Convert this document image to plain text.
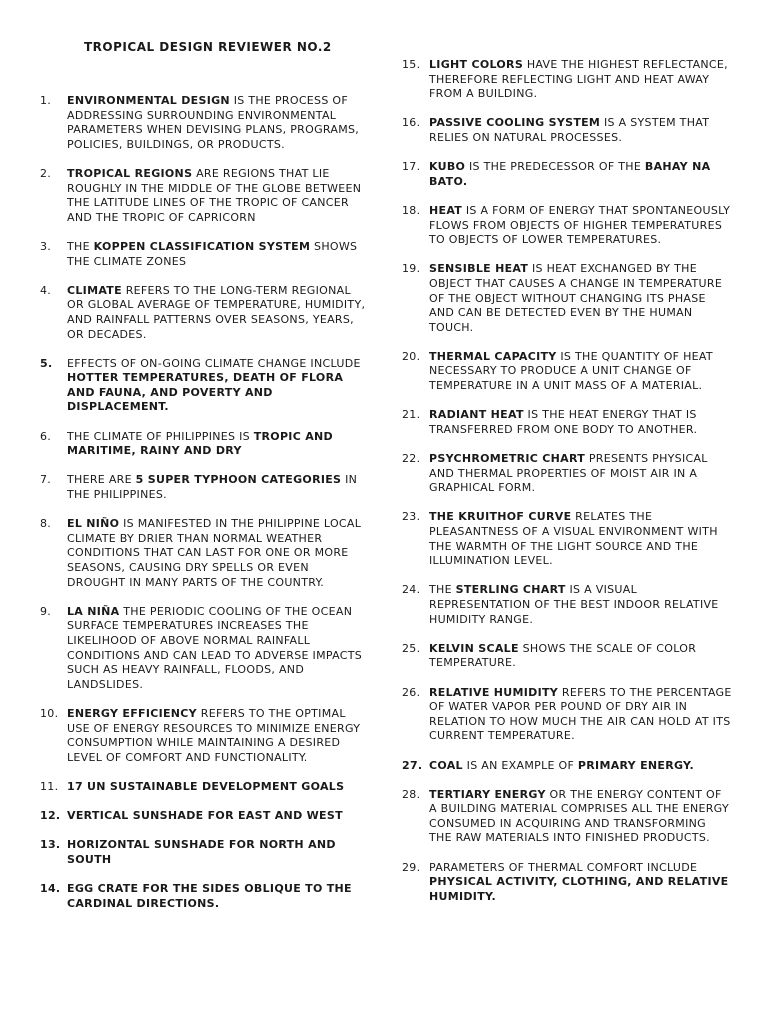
TROPICAL DESIGN REVIEWER NO.2
1.	ENVIRONMENTAL DESIGN IS THE PROCESS OF ADDRESSING SURROUNDING ENVIRONMENTAL PARAMETERS WHEN DEVISING PLANS, PROGRAMS, POLICIES, BUILDINGS, OR PRODUCTS.
2.	TROPICAL REGIONS ARE REGIONS THAT LIE ROUGHLY IN THE MIDDLE OF THE GLOBE BETWEEN THE LATITUDE LINES OF THE TROPIC OF CANCER AND THE TROPIC OF CAPRICORN
3.	THE KOPPEN CLASSIFICATION SYSTEM SHOWS THE CLIMATE ZONES
4.	CLIMATE REFERS TO THE LONG-TERM REGIONAL OR GLOBAL AVERAGE OF TEMPERATURE, HUMIDITY, AND RAINFALL PATTERNS OVER SEASONS, YEARS, OR DECADES.
5.	EFFECTS OF ON-GOING CLIMATE CHANGE INCLUDE HOTTER TEMPERATURES, DEATH OF FLORA AND FAUNA, AND POVERTY AND DISPLACEMENT.
6.	THE CLIMATE OF PHILIPPINES IS TROPIC AND MARITIME, RAINY AND DRY
7.	THERE ARE 5 SUPER TYPHOON CATEGORIES IN THE PHILIPPINES.
8.	EL NIÑO IS MANIFESTED IN THE PHILIPPINE LOCAL CLIMATE BY DRIER THAN NORMAL WEATHER CONDITIONS THAT CAN LAST FOR ONE OR MORE SEASONS, CAUSING DRY SPELLS OR EVEN DROUGHT IN MANY PARTS OF THE COUNTRY.
9.	LA NIÑA THE PERIODIC COOLING OF THE OCEAN SURFACE TEMPERATURES INCREASES THE LIKELIHOOD OF ABOVE NORMAL RAINFALL CONDITIONS AND CAN LEAD TO ADVERSE IMPACTS SUCH AS HEAVY RAINFALL, FLOODS, AND LANDSLIDES.
10. ENERGY EFFICIENCY REFERS TO THE OPTIMAL USE OF ENERGY RESOURCES TO MINIMIZE ENERGY CONSUMPTION WHILE MAINTAINING A DESIRED LEVEL OF COMFORT AND FUNCTIONALITY.
11. 17 UN SUSTAINABLE DEVELOPMENT GOALS
12. VERTICAL SUNSHADE FOR EAST AND WEST
13. HORIZONTAL SUNSHADE FOR NORTH AND SOUTH
14. EGG CRATE FOR THE SIDES OBLIQUE TO THE CARDINAL DIRECTIONS.
15. LIGHT COLORS HAVE THE HIGHEST REFLECTANCE, THEREFORE REFLECTING LIGHT AND HEAT AWAY FROM A BUILDING.
16. PASSIVE COOLING SYSTEM IS A SYSTEM THAT RELIES ON NATURAL PROCESSES.
17. KUBO IS THE PREDECESSOR OF THE BAHAY NA BATO.
18. HEAT IS A FORM OF ENERGY THAT SPONTANEOUSLY FLOWS FROM OBJECTS OF HIGHER TEMPERATURES TO OBJECTS OF LOWER TEMPERATURES.
19. SENSIBLE HEAT IS HEAT EXCHANGED BY THE OBJECT THAT CAUSES A CHANGE IN TEMPERATURE OF THE OBJECT WITHOUT CHANGING ITS PHASE AND CAN BE DETECTED EVEN BY THE HUMAN TOUCH.
20. THERMAL CAPACITY IS THE QUANTITY OF HEAT NECESSARY TO PRODUCE A UNIT CHANGE OF TEMPERATURE IN A UNIT MASS OF A MATERIAL.
21. RADIANT HEAT IS THE HEAT ENERGY THAT IS TRANSFERRED FROM ONE BODY TO ANOTHER.
22. PSYCHROMETRIC CHART PRESENTS PHYSICAL AND THERMAL PROPERTIES OF MOIST AIR IN A GRAPHICAL FORM.
23. THE KRUITHOF CURVE RELATES THE PLEASANTNESS OF A VISUAL ENVIRONMENT WITH THE WARMTH OF THE LIGHT SOURCE AND THE ILLUMINATION LEVEL.
24. THE STERLING CHART IS A VISUAL REPRESENTATION OF THE BEST INDOOR RELATIVE HUMIDITY RANGE.
25. KELVIN SCALE SHOWS THE SCALE OF COLOR TEMPERATURE.
26. RELATIVE HUMIDITY REFERS TO THE PERCENTAGE OF WATER VAPOR PER POUND OF DRY AIR IN RELATION TO HOW MUCH THE AIR CAN HOLD AT ITS CURRENT TEMPERATURE.
27. COAL IS AN EXAMPLE OF PRIMARY ENERGY.
28. TERTIARY ENERGY OR THE ENERGY CONTENT OF A BUILDING MATERIAL COMPRISES ALL THE ENERGY CONSUMED IN ACQUIRING AND TRANSFORMING THE RAW MATERIALS INTO FINISHED PRODUCTS.
29. PARAMETERS OF THERMAL COMFORT INCLUDE PHYSICAL ACTIVITY, CLOTHING, AND RELATIVE HUMIDITY.
